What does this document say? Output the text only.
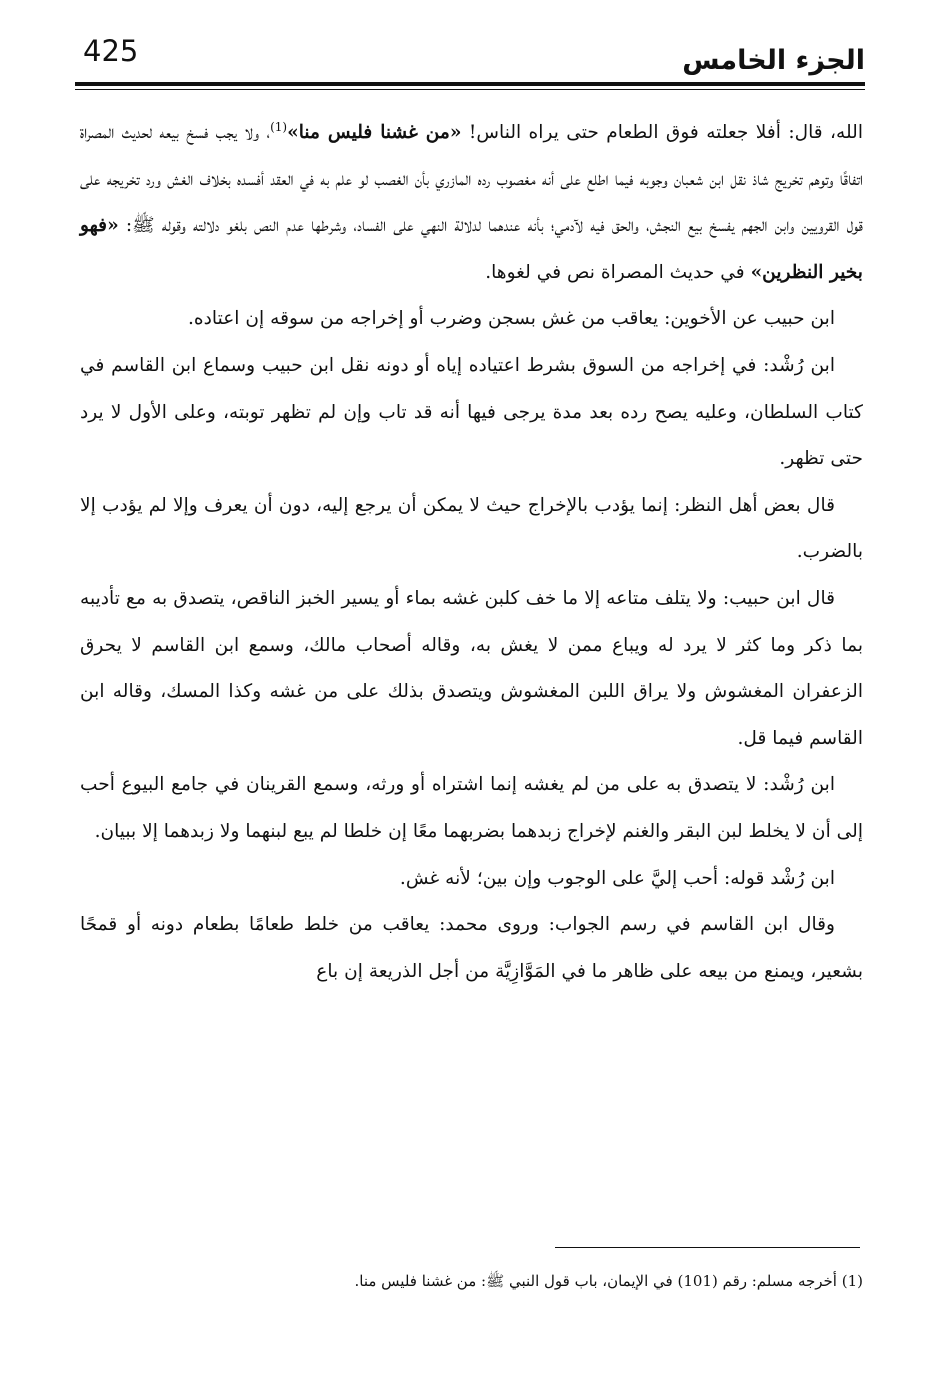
الجزء الخامس
425

الله، قال: أفلا جعلته فوق الطعام حتى يراه الناس! «من غشنا فليس منا»$^{(1)}$، ولا يجب فسخ بيعه لحديث المصراة اتفاقًا وتوهم تخريج شاذ نقل ابن شعبان وجوبه فيما اطلع على أنه مغصوب رده المازري بأن الغصب لو علم به في العقد أفسده بخلاف الغش ورد تخريجه على قول القرويين وابن الجهم يفسخ بيع النجش، والحق فيه لآدمي؛ بأنه عندهما لدلالة النهي على الفساد، وشرطها عدم النص بلغو دلالته وقوله ﷺ: «فهو بخير النظرين» في حديث المصراة نص في لغوها.

ابن حبيب عن الأخوين: يعاقب من غش بسجن وضرب أو إخراجه من سوقه إن اعتاده.

ابن رُشْد: في إخراجه من السوق بشرط اعتياده إياه أو دونه نقل ابن حبيب وسماع ابن القاسم في كتاب السلطان، وعليه يصح رده بعد مدة يرجى فيها أنه قد تاب وإن لم تظهر توبته، وعلى الأول لا يرد حتى تظهر.

قال بعض أهل النظر: إنما يؤدب بالإخراج حيث لا يمكن أن يرجع إليه، دون أن يعرف وإلا لم يؤدب إلا بالضرب.

قال ابن حبيب: ولا يتلف متاعه إلا ما خف كلبن غشه بماء أو يسير الخبز الناقص، يتصدق به مع تأديبه بما ذكر وما كثر لا يرد له ويباع ممن لا يغش به، وقاله أصحاب مالك، وسمع ابن القاسم لا يحرق الزعفران المغشوش ولا يراق اللبن المغشوش ويتصدق بذلك على من غشه وكذا المسك، وقاله ابن القاسم فيما قل.

ابن رُشْد: لا يتصدق به على من لم يغشه إنما اشتراه أو ورثه، وسمع القرينان في جامع البيوع أحب إلى أن لا يخلط لبن البقر والغنم لإخراج زبدهما بضربهما معًا إن خلطا لم يبع لبنهما ولا زبدهما إلا ببيان.

ابن رُشْد قوله: أحب إليَّ على الوجوب وإن بين؛ لأنه غش.

وقال ابن القاسم في رسم الجواب: وروى محمد: يعاقب من خلط طعامًا بطعام دونه أو قمحًا بشعير، ويمنع من بيعه على ظاهر ما في المَوَّازِيَّة من أجل الذريعة إن باع

(1) أخرجه مسلم: رقم (101) في الإيمان، باب قول النبي ﷺ: من غشنا فليس منا.
